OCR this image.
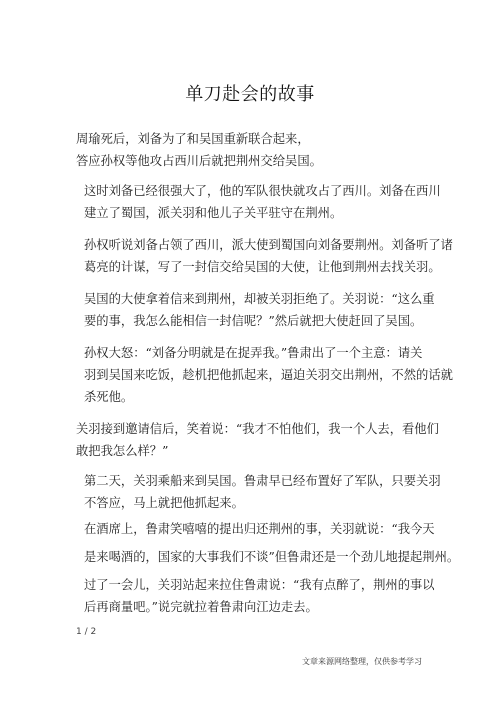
单刀赴会的故事

周瑜死后，刘备为了和吴国重新联合起来，
答应孙权等他攻占西川后就把荆州交给吴国。

这时刘备已经很强大了，他的军队很快就攻占了西川。刘备在西川
建立了蜀国，派关羽和他儿子关平驻守在荆州。

孙权听说刘备占领了西川，派大使到蜀国向刘备要荆州。刘备听了诸
葛亮的计谋，写了一封信交给吴国的大使，让他到荆州去找关羽。

吴国的大使拿着信来到荆州，却被关羽拒绝了。关羽说：“这么重
要的事，我怎么能相信一封信呢？”然后就把大使赶回了吴国。

孙权大怒：“刘备分明就是在捉弄我。”鲁肃出了一个主意：请关
羽到吴国来吃饭，趁机把他抓起来，逼迫关羽交出荆州，不然的话就
杀死他。

关羽接到邀请信后，笑着说：“我才不怕他们，我一个人去，看他们
敢把我怎么样？”

第二天，关羽乘船来到吴国。鲁肃早已经布置好了军队，只要关羽
不答应，马上就把他抓起来。

在酒席上，鲁肃笑嘻嘻的提出归还荆州的事，关羽就说：“我今天
是来喝酒的，国家的大事我们不谈”但鲁肃还是一个劲儿地提起荆州。

过了一会儿，关羽站起来拉住鲁肃说：“我有点醉了，荆州的事以
后再商量吧。”说完就拉着鲁肃向江边走去。

1 / 2
文章来源网络整理，仅供参考学习
